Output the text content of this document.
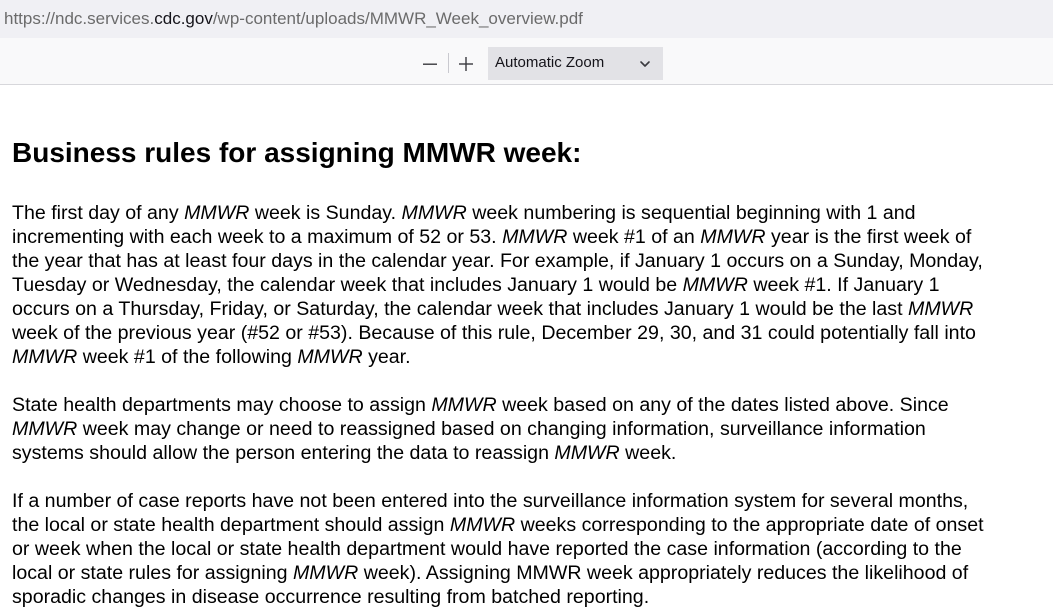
https://ndc.services. cdc.gov /wp-content/uploads/MMWR_Week_overview.pdf
Automatic Zoom
Business rules for assigning MMWR week:

The first day of any MMWR week is Sunday. MMWR week numbering is sequential beginning with 1 and
incrementing with each week to a maximum of 52 or 53. MMWR week #1 of an MMWR year is the first week of
the year that has at least four days in the calendar year. For example, if January 1 occurs on a Sunday, Monday,
Tuesday or Wednesday, the calendar week that includes January 1 would be MMWR week #1. If January 1
occurs on a Thursday, Friday, or Saturday, the calendar week that includes January 1 would be the last MMWR
week of the previous year (#52 or #53). Because of this rule, December 29, 30, and 31 could potentially fall into
MMWR week #1 of the following MMWR year.

State health departments may choose to assign MMWR week based on any of the dates listed above. Since
MMWR week may change or need to reassigned based on changing information, surveillance information
systems should allow the person entering the data to reassign MMWR week.

If a number of case reports have not been entered into the surveillance information system for several months,
the local or state health department should assign MMWR weeks corresponding to the appropriate date of onset
or week when the local or state health department would have reported the case information (according to the
local or state rules for assigning MMWR week). Assigning MMWR week appropriately reduces the likelihood of
sporadic changes in disease occurrence resulting from batched reporting.
